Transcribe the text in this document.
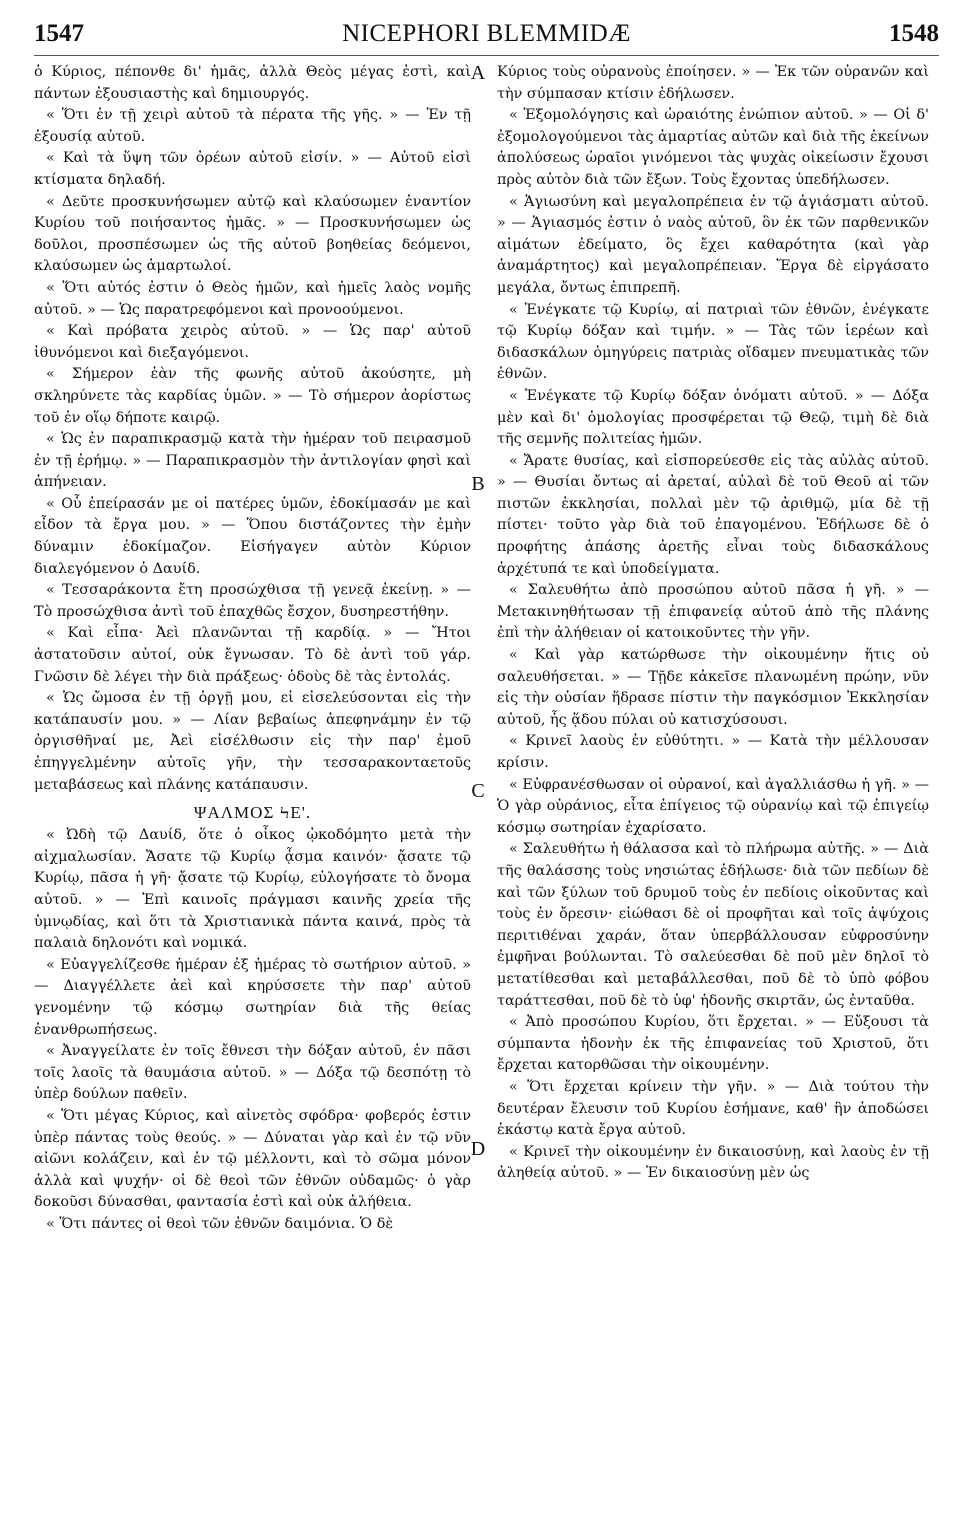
1547	NICEPHORI BLEMMIDÆ	1548

ὁ Κύριος, πέπονθε δι' ἡμᾶς, ἀλλὰ Θεὸς μέγας ἐστὶ, καὶ πάντων ἐξουσιαστὴς καὶ δημιουργός.

« Ὅτι ἐν τῇ χειρὶ αὐτοῦ τὰ πέρατα τῆς γῆς. » — Ἐν τῇ ἐξουσίᾳ αὐτοῦ.

« Καὶ τὰ ὕψη τῶν ὀρέων αὐτοῦ εἰσίν. » — Αὐτοῦ εἰσὶ κτίσματα δηλαδή.

« Δεῦτε προσκυνήσωμεν αὐτῷ καὶ κλαύσωμεν ἐναντίον Κυρίου τοῦ ποιήσαντος ἡμᾶς. » — Προσκυνήσωμεν ὡς δοῦλοι, προσπέσωμεν ὡς τῆς αὐτοῦ βοηθείας δεόμενοι, κλαύσωμεν ὡς ἁμαρτωλοί.

« Ὅτι αὐτός ἐστιν ὁ Θεὸς ἡμῶν, καὶ ἡμεῖς λαὸς νομῆς αὐτοῦ. » — Ὡς παρατρεφόμενοι καὶ προνοούμενοι.

« Καὶ πρόβατα χειρὸς αὐτοῦ. » — Ὡς παρ' αὐτοῦ ἰθυνόμενοι καὶ διεξαγόμενοι.

« Σήμερον ἐὰν τῆς φωνῆς αὐτοῦ ἀκούσητε, μὴ σκληρύνετε τὰς καρδίας ὑμῶν. » — Τὸ σήμερον ἀορίστως τοῦ ἐν οἵῳ δήποτε καιρῷ.

« Ὡς ἐν παραπικρασμῷ κατὰ τὴν ἡμέραν τοῦ πειρασμοῦ ἐν τῇ ἐρήμῳ. » — Παραπικρασμὸν τὴν ἀντιλογίαν φησὶ καὶ ἀπήνειαν.

« Οὗ ἐπείρασάν με οἱ πατέρες ὑμῶν, ἐδοκίμασάν με καὶ εἶδον τὰ ἔργα μου. » — Ὅπου διστάζοντες τὴν ἐμὴν δύναμιν ἐδοκίμαζον. Εἰσήγαγεν αὐτὸν Κύριον διαλεγόμενον ὁ Δαυίδ.

« Τεσσαράκοντα ἔτη προσώχθισα τῇ γενεᾷ ἐκείνῃ. » — Τὸ προσώχθισα ἀντὶ τοῦ ἐπαχθῶς ἔσχον, δυσηρεστήθην.

« Καὶ εἶπα· Ἀεὶ πλανῶνται τῇ καρδίᾳ. » — Ἤτοι ἀστατοῦσιν αὐτοί, οὐκ ἔγνωσαν. Τὸ δὲ ἀντὶ τοῦ γάρ. Γνῶσιν δὲ λέγει τὴν διὰ πράξεως· ὁδοὺς δὲ τὰς ἐντολάς.

« Ὡς ὤμοσα ἐν τῇ ὀργῇ μου, εἰ εἰσελεύσονται εἰς τὴν κατάπαυσίν μου. » — Λίαν βεβαίως ἀπεφηνάμην ἐν τῷ ὀργισθῆναί με, Ἀεὶ εἰσέλθωσιν εἰς τὴν παρ' ἐμοῦ ἐπηγγελμένην αὐτοῖς γῆν, τὴν τεσσαρακονταετοῦς μεταβάσεως καὶ πλάνης κατάπαυσιν.

ΨΑΛΜΟΣ ϞΕ'.

« Ὠδὴ τῷ Δαυίδ, ὅτε ὁ οἶκος ᾠκοδόμητο μετὰ τὴν αἰχμαλωσίαν. Ἄσατε τῷ Κυρίῳ ᾆσμα καινόν· ᾄσατε τῷ Κυρίῳ, πᾶσα ἡ γῆ· ᾄσατε τῷ Κυρίῳ, εὐλογήσατε τὸ ὄνομα αὐτοῦ. » — Ἐπὶ καινοῖς πράγμασι καινῆς χρεία τῆς ὑμνῳδίας, καὶ ὅτι τὰ Χριστιανικὰ πάντα καινά, πρὸς τὰ παλαιὰ δηλονότι καὶ νομικά.

« Εὐαγγελίζεσθε ἡμέραν ἐξ ἡμέρας τὸ σωτήριον αὐτοῦ. » — Διαγγέλλετε ἀεὶ καὶ κηρύσσετε τὴν παρ' αὐτοῦ γενομένην τῷ κόσμῳ σωτηρίαν διὰ τῆς θείας ἐνανθρωπήσεως.

« Ἀναγγείλατε ἐν τοῖς ἔθνεσι τὴν δόξαν αὐτοῦ, ἐν πᾶσι τοῖς λαοῖς τὰ θαυμάσια αὐτοῦ. » — Δόξα τῷ δεσπότῃ τὸ ὑπὲρ δούλων παθεῖν.

« Ὅτι μέγας Κύριος, καὶ αἰνετὸς σφόδρα· φοβερός ἐστιν ὑπὲρ πάντας τοὺς θεούς. » — Δύναται γὰρ καὶ ἐν τῷ νῦν αἰῶνι κολάζειν, καὶ ἐν τῷ μέλλοντι, καὶ τὸ σῶμα μόνον ἀλλὰ καὶ ψυχήν· οἱ δὲ θεοὶ τῶν ἐθνῶν οὐδαμῶς· ὁ γὰρ δοκοῦσι δύνασθαι, φαντασία ἐστὶ καὶ οὐκ ἀλήθεια.

« Ὅτι πάντες οἱ θεοὶ τῶν ἐθνῶν δαιμόνια. Ὁ δὲ

A
B
C
D

Κύριος τοὺς οὐρανοὺς ἐποίησεν. » — Ἐκ τῶν οὐρανῶν καὶ τὴν σύμπασαν κτίσιν ἐδήλωσεν.

« Ἐξομολόγησις καὶ ὡραιότης ἐνώπιον αὐτοῦ. » — Οἱ δ' ἐξομολογούμενοι τὰς ἁμαρτίας αὐτῶν καὶ διὰ τῆς ἐκείνων ἀπολύσεως ὡραῖοι γινόμενοι τὰς ψυχὰς οἰκείωσιν ἔχουσι πρὸς αὐτὸν διὰ τῶν ἔξων. Τοὺς ἔχοντας ὑπεδήλωσεν.

« Ἁγιωσύνη καὶ μεγαλοπρέπεια ἐν τῷ ἁγιάσματι αὐτοῦ. » — Ἁγιασμός ἐστιν ὁ ναὸς αὐτοῦ, ὃν ἐκ τῶν παρθενικῶν αἱμάτων ἐδείματο, ὃς ἔχει καθαρότητα (καὶ γὰρ ἀναμάρτητος) καὶ μεγαλοπρέπειαν. Ἔργα δὲ εἰργάσατο μεγάλα, ὄντως ἐπιπρεπῆ.

« Ἐνέγκατε τῷ Κυρίῳ, αἱ πατριαὶ τῶν ἐθνῶν, ἐνέγκατε τῷ Κυρίῳ δόξαν καὶ τιμήν. » — Τὰς τῶν ἱερέων καὶ διδασκάλων ὁμηγύρεις πατριὰς οἴδαμεν πνευματικὰς τῶν ἐθνῶν.

« Ἐνέγκατε τῷ Κυρίῳ δόξαν ὀνόματι αὐτοῦ. » — Δόξα μὲν καὶ δι' ὁμολογίας προσφέρεται τῷ Θεῷ, τιμὴ δὲ διὰ τῆς σεμνῆς πολιτείας ἡμῶν.

« Ἄρατε θυσίας, καὶ εἰσπορεύεσθε εἰς τὰς αὐλὰς αὐτοῦ. » — Θυσίαι ὄντως αἱ ἀρεταί, αὐλαὶ δὲ τοῦ Θεοῦ αἱ τῶν πιστῶν ἐκκλησίαι, πολλαὶ μὲν τῷ ἀριθμῷ, μία δὲ τῇ πίστει· τοῦτο γὰρ διὰ τοῦ ἐπαγομένου. Ἐδήλωσε δὲ ὁ προφήτης ἁπάσης ἀρετῆς εἶναι τοὺς διδασκάλους ἀρχέτυπά τε καὶ ὑποδείγματα.

« Σαλευθήτω ἀπὸ προσώπου αὐτοῦ πᾶσα ἡ γῆ. » — Μετακινηθήτωσαν τῇ ἐπιφανείᾳ αὐτοῦ ἀπὸ τῆς πλάνης ἐπὶ τὴν ἀλήθειαν οἱ κατοικοῦντες τὴν γῆν.

« Καὶ γὰρ κατώρθωσε τὴν οἰκουμένην ἥτις οὐ σαλευθήσεται. » — Τῇδε κἀκεῖσε πλανωμένη πρώην, νῦν εἰς τὴν οὐσίαν ἥδρασε πίστιν τὴν παγκόσμιον Ἐκκλησίαν αὐτοῦ, ἧς ᾅδου πύλαι οὐ κατισχύσουσι.

« Κρινεῖ λαοὺς ἐν εὐθύτητι. » — Κατὰ τὴν μέλλουσαν κρίσιν.

« Εὐφρανέσθωσαν οἱ οὐρανοί, καὶ ἀγαλλιάσθω ἡ γῆ. » — Ὁ γὰρ οὐράνιος, εἶτα ἐπίγειος τῷ οὐρανίῳ καὶ τῷ ἐπιγείῳ κόσμῳ σωτηρίαν ἐχαρίσατο.

« Σαλευθήτω ἡ θάλασσα καὶ τὸ πλήρωμα αὐτῆς. » — Διὰ τῆς θαλάσσης τοὺς νησιώτας ἐδήλωσε· διὰ τῶν πεδίων δὲ καὶ τῶν ξύλων τοῦ δρυμοῦ τοὺς ἐν πεδίοις οἰκοῦντας καὶ τοὺς ἐν ὄρεσιν· εἰώθασι δὲ οἱ προφῆται καὶ τοῖς ἀψύχοις περιτιθέναι χαράν, ὅταν ὑπερβάλλουσαν εὐφροσύνην ἐμφῆναι βούλωνται. Τὸ σαλεύεσθαι δὲ ποῦ μὲν δηλοῖ τὸ μετατίθεσθαι καὶ μεταβάλλεσθαι, ποῦ δὲ τὸ ὑπὸ φόβου ταράττεσθαι, ποῦ δὲ τὸ ὑφ' ἡδονῆς σκιρτᾶν, ὡς ἐνταῦθα.

« Ἀπὸ προσώπου Κυρίου, ὅτι ἔρχεται. » — Εὔξουσι τὰ σύμπαντα ἡδονὴν ἐκ τῆς ἐπιφανείας τοῦ Χριστοῦ, ὅτι ἔρχεται κατορθῶσαι τὴν οἰκουμένην.

« Ὅτι ἔρχεται κρίνειν τὴν γῆν. » — Διὰ τούτου τὴν δευτέραν ἔλευσιν τοῦ Κυρίου ἐσήμανε, καθ' ἣν ἀποδώσει ἑκάστῳ κατὰ ἔργα αὐτοῦ.

« Κρινεῖ τὴν οἰκουμένην ἐν δικαιοσύνῃ, καὶ λαοὺς ἐν τῇ ἀληθείᾳ αὐτοῦ. » — Ἐν δικαιοσύνῃ μὲν ὡς
